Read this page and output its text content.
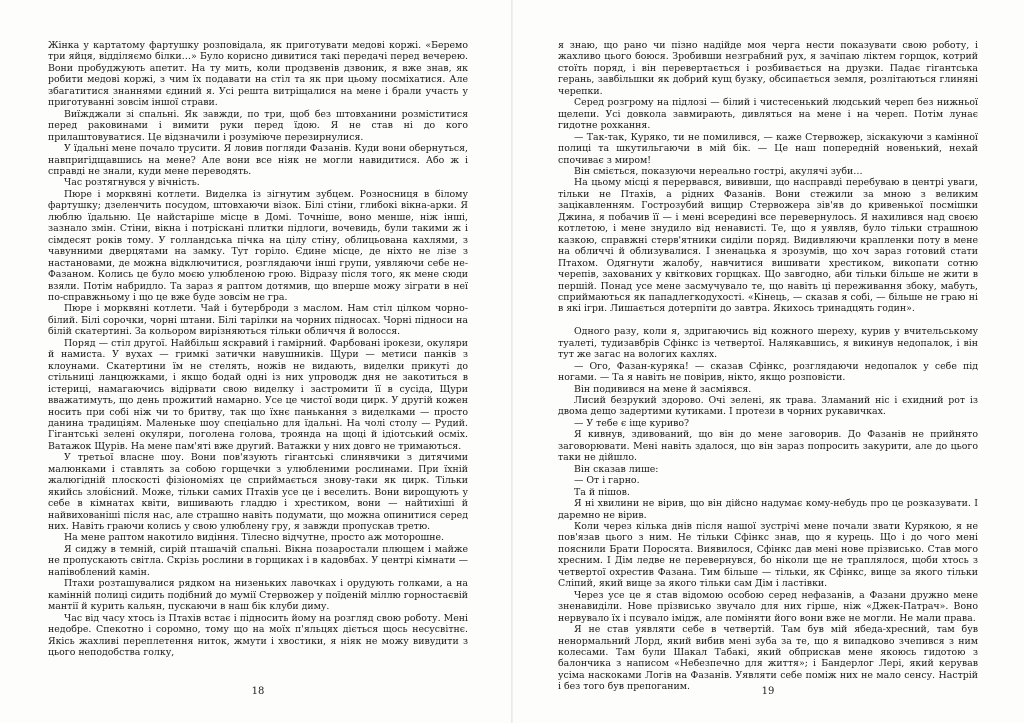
Жінка у картатому фартушку розповідала, як приготувати медові коржі. «Беремо три яйця, відділяємо білки…» Було корисно дивитися такі передачі перед вечерею. Вони пробуджують апетит. На ту мить, коли продзвенів дзвоник, я вже знав, як робити медові коржі, з чим їх подавати на стіл та як при цьому посміхатися. Але збагатитися знаннями єдиний я. Усі решта витріщалися на мене і брали участь у приготуванні зовсім іншої страви.

Виїжджали зі спальні. Як завжди, по три, щоб без штовханини розміститися перед раковинами і вимити руки перед їдою. Я не став ні до кого прилаштовуватися. Це відзначили і розуміюче перезирнулися.

У їдальні мене почало трусити. Я ловив погляди Фазанів. Куди вони обернуться, навпригідщавшись на мене? Але вони все ніяк не могли навидитися. Або ж і справді не знали, куди мене переводять.

Час розтягнувся у вічність.

Пюре і морквяні котлети. Виделка із зігнутим зубцем. Розносниця в білому фартушку; дзеленчить посудом, штовхаючи візок. Білі стіни, глибокі вікна-арки. Я люблю їдальню. Це найстаріше місце в Домі. Точніше, воно менше, ніж інші, зазнало змін. Стіни, вікна і потріскані плитки підлоги, вочевидь, були такими ж і сімдесят років тому. У голландська пічка на цілу стіну, облицьована кахлями, з чавунними дверцятами на замку. Тут горіло. Єдине місце, де ніхто не лізе з настановами, де можна відключитися, розглядаючи інші групи, уявляючи себе не-Фазаном. Колись це було моєю улюбленою грою. Відразу після того, як мене сюди взяли. Потім набридло. Та зараз я раптом дотямив, що вперше можу зіграти в неї по-справжньому і що це вже буде зовсім не гра.

Пюре і морквяні котлети. Чай і бутерброди з маслом. Нам стіл цілком чорно-білий. Білі сорочки, чорні штани. Білі тарілки на чорних підносах. Чорні підноси на білій скатертині. За кольором вирізняються тільки обличчя й волосся.

Поряд — стіл другої. Найбільш яскравий і гамірний. Фарбовані ірокези, окуляри й намиста. У вухах — гримкі затички навушників. Щури — метиси панків з клоунами. Скатертини їм не стелять, ножів не видають, виделки прикуті до стільниці ланцюжками, і якщо бодай одні із них упроводж дня не закотиться в істериці, намагаючись відірвати свою виделку і застромити її в сусіда, Щури вважатимуть, що день прожитий намарно. Усе це чистої води цирк. У другій кожен носить при собі ніж чи то бритву, так що їхнє панькання з виделками — просто данина традиціям. Маленьке шоу спеціально для їдальні. На чолі столу — Рудий. Гігантські зелені окуляри, поголена голова, троянда на щоці й ідіотський осміх. Ватажок Щурів. На мене пам'яті вже другий. Ватажки у них довго не тримаються.

У третьої власне шоу. Вони пов'язують гігантські слинявчики з дитячими малюнками і ставлять за собою горщечки з улюбленими рослинами. При їхній жалюгідній плоскості фізіономіях це сприймається знову-таки як цирк. Тільки якийсь злов́існий. Може, тільки самих Птахів усе це і веселить. Вони вирощують у себе в кімнатах квіти, вишивають гладдю і хрестиком, вони — найтихіші й найвихованіші після нас, але страшно навіть подумати, що можна опинитися серед них. Навіть граючи колись у свою улюблену гру, я завжди пропускав третю.

На мене раптом накотило видіння. Тілесно відчутне, просто аж моторошне.

Я сиджу в темній, сирій пташачій спальні. Вікна позаростали плющем і майже не пропускають світла. Скрізь рослини в горщиках і в кадовбах. У центрі кімнати — напівоблений камін.

Птахи розташувалися рядком на низеньких лавочках і орудують голками, а на камінній полиці сидить подібний до мумії Стервожер у поїденій міллю горностаєвій мантії й курить кальян, пускаючи в наш бік клуби диму.

Час від часу хтось із Птахів встає і підносить йому на розгляд свою роботу. Мені недобре. Спекотно і соромно, тому що на моїх п'яльцях діється щось несусвітнє. Якісь жахливі переплетення ниток, жмути і хвостики, я ніяк не можу вивудити з цього неподобства голку,

я знаю, що рано чи пізно надійде моя черга нести показувати свою роботу, і жахливо цього боюся. Зробивши незграбний рух, я зачіпаю ліктем горщок, котрий стоїть поряд, і він перевертається і розбивається на друзки. Падає гігантська герань, завбільшки як добрий кущ бузку, обсипається земля, розлітаються глиняні черепки.

Серед розгрому на підлозі — білий і чистесенький людський череп без нижньої щелепи. Усі довкола завмирають, дивляться на мене і на череп. Потім лунає гидотне рохкання.

— Так-так, Куряко, ти не помилився, — каже Стервожер, зіскакуючи з камінної полиці та шкутильгаючи в мій бік. — Це наш попередній новенький, нехай спочиває з миром!

Він сміється, показуючи нереально гострі, акулячі зуби…

На цьому місці я перервався, вививши, що насправді перебуваю в центрі уваги, тільки не Птахів, а рідних Фазанів. Вони стежили за мною з великим зацікавленням. Гострозубий вищир Стервожера зів'яв до кривенької посмішки Джина, я побачив її — і мені всередині все перевернулось. Я нахилився над своєю котлетою, і мене знудило від ненависті. Те, що я уявляв, було тільки страшною казкою, справжні стерв'ятники сиділи поряд. Видивляючи крапленки поту в мене на обличчі й облизувалися. І зненацька я зрозумів, що хоч зараз готовий стати Птахом. Одягнути жалобу, навчитися вишивати хрестиком, викопати сотню черепів, захованих у квіткових горщках. Що завгодно, аби тільки більше не жити в першій. Понад усе мене засмучувало те, що навіть ці переживання збоку, мабуть, сприймаються як пападлегкодухості. «Кінець, — сказав я собі, — більше не граю ні в які ігри. Лишається дотерпіти до завтра. Якихось тринадцять годин».

Одного разу, коли я, здригаючись від кожного шереху, курив у вчительському туалеті, тудизавбрів Сфінкс із четвертої. Налякавшись, я викинув недопалок, і він тут же загас на вологих кахлях.

— Ого, Фазан-куряка! — сказав Сфінкс, розглядаючи недопалок у себе під ногами. — Та я навіть не повірив, нікто, якщо розповісти.

Він подивився на мене й засміявся.

Лисий безрукий здорово. Очі зелені, як трава. Зламаний ніс і єхидний рот із двома дещо задертими кутиками. І протези в чорних рукавичках.

— У тебе є іще куриво?

Я кивнув, здивований, що він до мене заговорив. До Фазанів не прийнято заговорювати. Мені навіть здалося, що він зараз попросить закурити, але до цього таки не дійшло.

Він сказав лише:

— От і гарно.

Та й пішов.

Я ні хвилини не вірив, що він дійсно надумає кому-небудь про це розказувати. І даремно не вірив.

Коли через кілька днів після нашої зустрічі мене почали звати Курякою, я не пов'язав цього з ним. Не тільки Сфінкс знав, що я курець. Що і до чого мені пояснили Брати Поросята. Виявилося, Сфінкс дав мені нове прізвисько. Став мого хресним. І Дім ледве не перевернувся, бо ніколи ще не траплялося, щоби хтось з четвертої охрестив Фазана. Тим більше — тільки, як Сфінкс, вище за якого тільки Сліпий, який вище за якого тільки сам Дім і ластівки.

Через усе це я став відомою особою серед нефазанів, а Фазани дружно мене зненавиділи. Нове прізвисько звучало для них гірше, ніж «Джек-Патрач». Воно нервувало їх і псувало імідж, але поміняти його вони вже не могли. Не мали права.

Я не став уявляти себе в четвертій. Там був мій ябеда-хресний, там був ненормальний Лорд, який вибив мені зуба за те, що я випадково зчепився з ним колесами. Там були Шакал Табакі, який обприскав мене якоюсь гидотою з балончика з написом «Небезпечно для життя»; і Бандерлог Лері, який керував усіма наскоками Логів на Фазанів. Уявляти себе поміж них не мало сенсу. Настрій і без того був препоганим.

18	19
